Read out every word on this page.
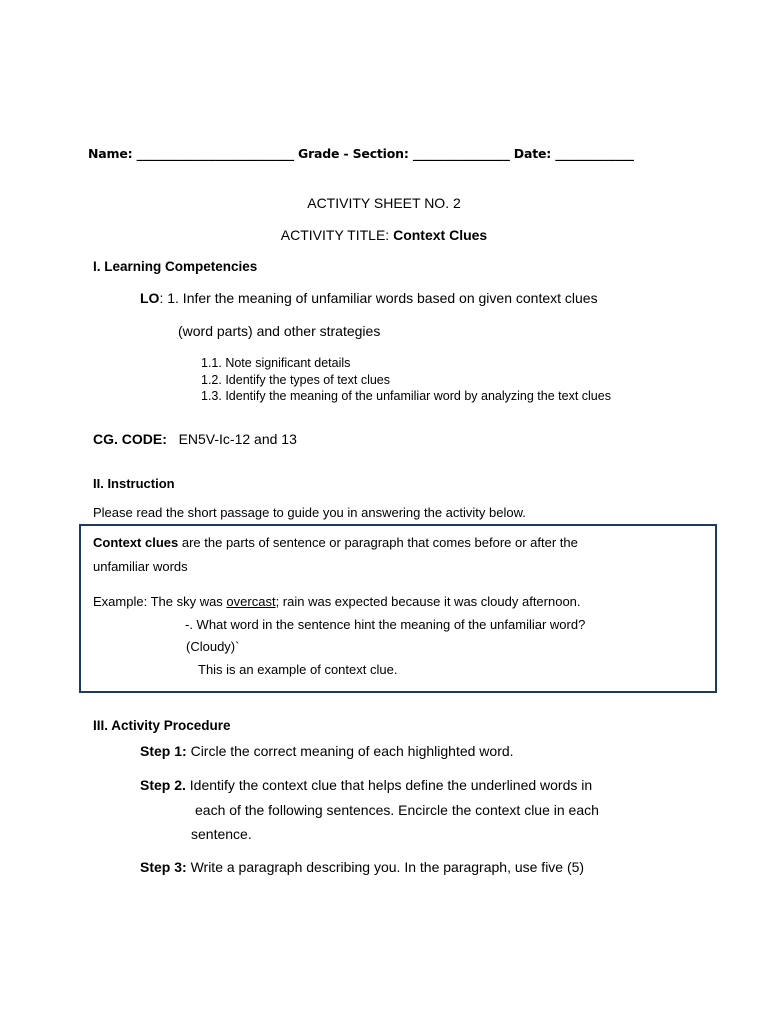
Name: __________________________ Grade - Section: ________________ Date: _____________
ACTIVITY SHEET NO. 2
ACTIVITY TITLE: Context Clues
I. Learning Competencies
LO: 1. Infer the meaning of unfamiliar words based on given context clues
(word parts) and other strategies
1.1. Note significant details
1.2. Identify the types of text clues
1.3. Identify the meaning of the unfamiliar word by analyzing the text clues
CG. CODE: EN5V-Ic-12 and 13
II. Instruction
Please read the short passage to guide you in answering the activity below.
Context clues are the parts of sentence or paragraph that comes before or after the
unfamiliar words
Example: The sky was overcast; rain was expected because it was cloudy afternoon.
-. What word in the sentence hint the meaning of the unfamiliar word?
(Cloudy)`
This is an example of context clue.
III. Activity Procedure
Step 1: Circle the correct meaning of each highlighted word.
Step 2. Identify the context clue that helps define the underlined words in
each of the following sentences. Encircle the context clue in each
sentence.
Step 3: Write a paragraph describing you. In the paragraph, use five (5)
